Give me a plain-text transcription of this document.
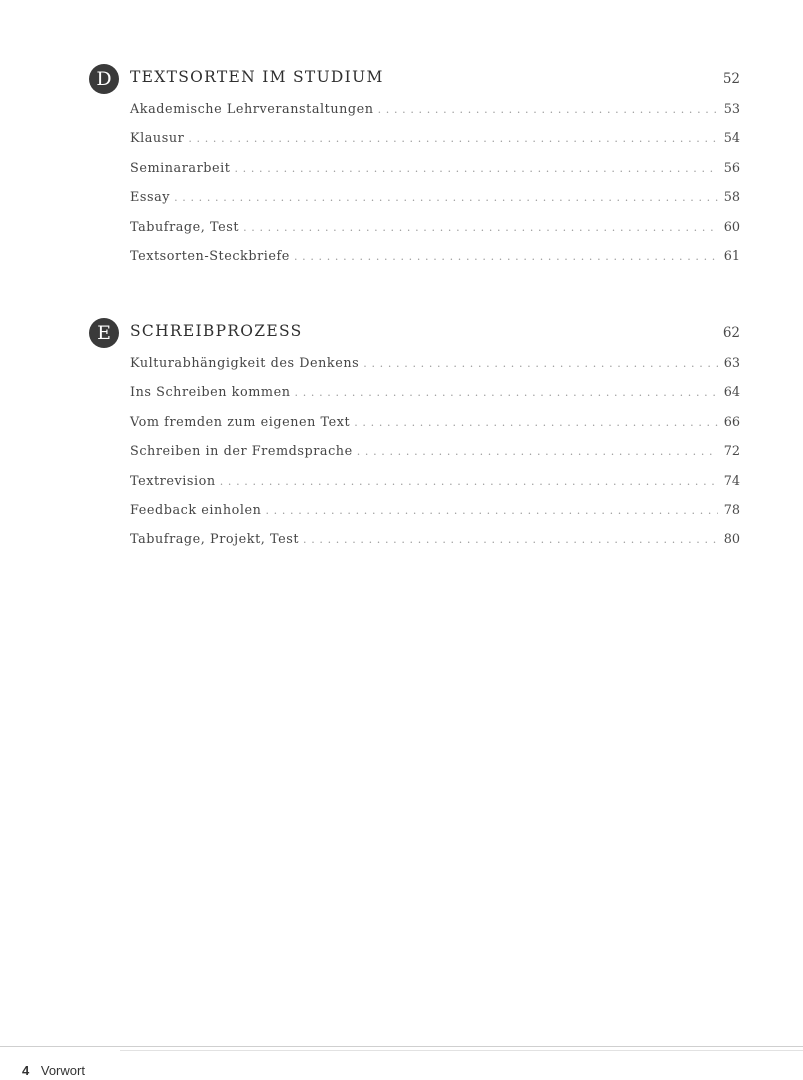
D	TEXTSORTEN IM STUDIUM	52
Akademische Lehrveranstaltungen . . .	53
Klausur . . .	54
Seminararbeit . . .	56
Essay . . .	58
Tabufrage, Test . . .	60
Textsorten-Steckbriefe . . .	61
E	SCHREIBPROZESS	62
Kulturabhängigkeit des Denkens . . .	63
Ins Schreiben kommen . . .	64
Vom fremden zum eigenen Text . . .	66
Schreiben in der Fremdsprache . . .	72
Textrevision . . .	74
Feedback einholen . . .	78
Tabufrage, Projekt, Test . . .	80
4 Vorwort
